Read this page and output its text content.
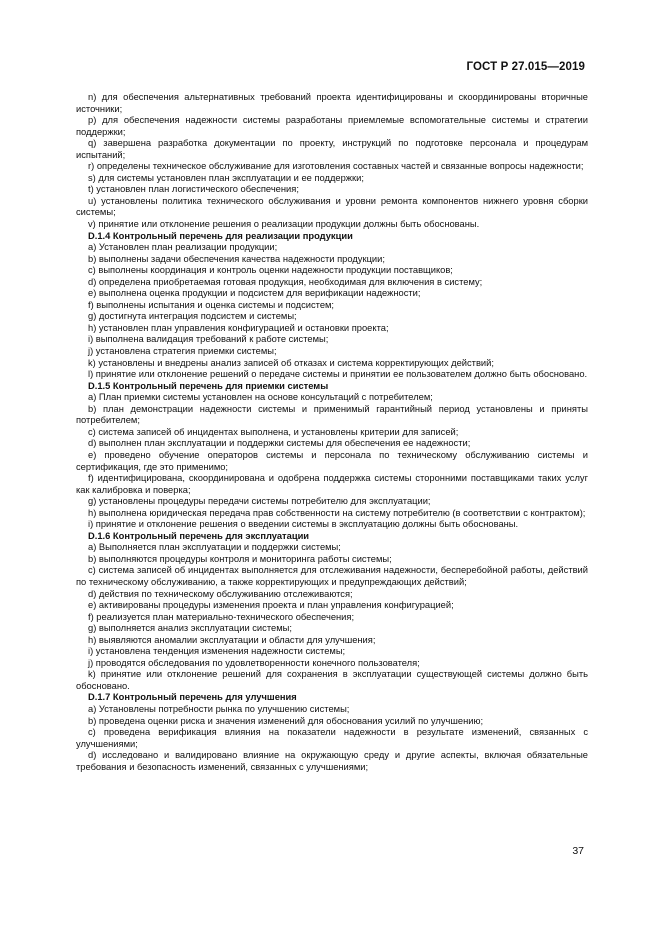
ГОСТ Р 27.015—2019

n) для обеспечения альтернативных требований проекта идентифицированы и скоординированы вторичные источники;

p) для обеспечения надежности системы разработаны приемлемые вспомогательные системы и стратегии поддержки;

q) завершена разработка документации по проекту, инструкций по подготовке персонала и процедурам испытаний;

r) определены техническое обслуживание для изготовления составных частей и связанные вопросы надежности;

s) для системы установлен план эксплуатации и ее поддержки;

t) установлен план логистического обеспечения;

u) установлены политика технического обслуживания и уровни ремонта компонентов нижнего уровня сборки системы;

v) принятие или отклонение решения о реализации продукции должны быть обоснованы.

D.1.4 Контрольный перечень для реализации продукции

a) Установлен план реализации продукции;

b) выполнены задачи обеспечения качества надежности продукции;

c) выполнены координация и контроль оценки надежности продукции поставщиков;

d) определена приобретаемая готовая продукция, необходимая для включения в систему;

e) выполнена оценка продукции и подсистем для верификации надежности;

f) выполнены испытания и оценка системы и подсистем;

g) достигнута интеграция подсистем и системы;

h) установлен план управления конфигурацией и остановки проекта;

i) выполнена валидация требований к работе системы;

j) установлена стратегия приемки системы;

k) установлены и внедрены анализ записей об отказах и система корректирующих действий;

l) принятие или отклонение решений о передаче системы и принятии ее пользователем должно быть обосновано.

D.1.5 Контрольный перечень для приемки системы

a) План приемки системы установлен на основе консультаций с потребителем;

b) план демонстрации надежности системы и применимый гарантийный период установлены и приняты потребителем;

c) система записей об инцидентах выполнена, и установлены критерии для записей;

d) выполнен план эксплуатации и поддержки системы для обеспечения ее надежности;

e) проведено обучение операторов системы и персонала по техническому обслуживанию системы и сертификация, где это применимо;

f) идентифицирована, скоординирована и одобрена поддержка системы сторонними поставщиками таких услуг как калибровка и поверка;

g) установлены процедуры передачи системы потребителю для эксплуатации;

h) выполнена юридическая передача прав собственности на систему потребителю (в соответствии с контрактом);

i) принятие и отклонение решения о введении системы в эксплуатацию должны быть обоснованы.

D.1.6 Контрольный перечень для эксплуатации

a) Выполняется план эксплуатации и поддержки системы;

b) выполняются процедуры контроля и мониторинга работы системы;

c) система записей об инцидентах выполняется для отслеживания надежности, бесперебойной работы, действий по техническому обслуживанию, а также корректирующих и предупреждающих действий;

d) действия по техническому обслуживанию отслеживаются;

e) активированы процедуры изменения проекта и план управления конфигурацией;

f) реализуется план материально-технического обеспечения;

g) выполняется анализ эксплуатации системы;

h) выявляются аномалии эксплуатации и области для улучшения;

i) установлена тенденция изменения надежности системы;

j) проводятся обследования по удовлетворенности конечного пользователя;

k) принятие или отклонение решений для сохранения в эксплуатации существующей системы должно быть обосновано.

D.1.7 Контрольный перечень для улучшения

a) Установлены потребности рынка по улучшению системы;

b) проведена оценки риска и значения изменений для обоснования усилий по улучшению;

c) проведена верификация влияния на показатели надежности в результате изменений, связанных с улучшениями;

d) исследовано и валидировано влияние на окружающую среду и другие аспекты, включая обязательные требования и безопасность изменений, связанных с улучшениями;

37
